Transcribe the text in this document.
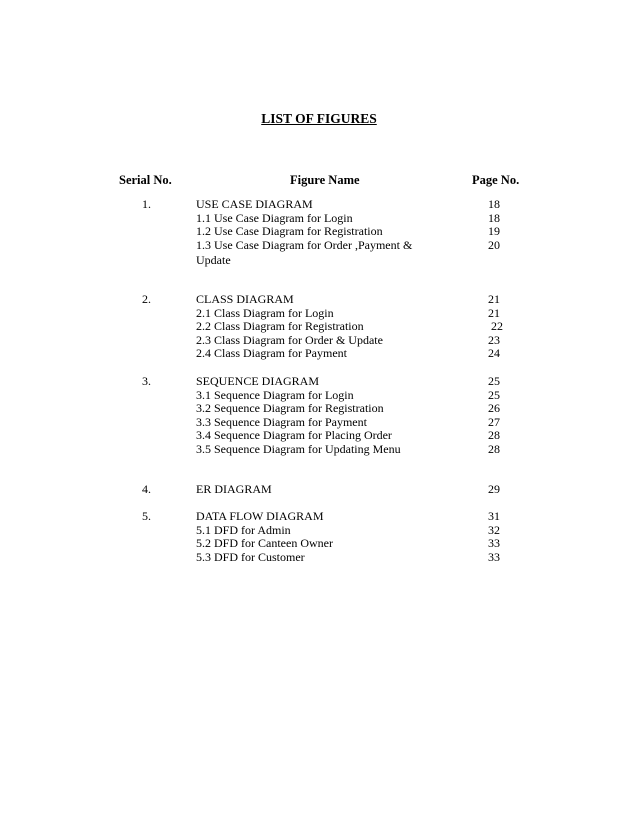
LIST OF FIGURES
Serial No.	Figure Name	Page No.
1.	USE CASE DIAGRAM	18
1.1 Use Case Diagram for Login	18
1.2 Use Case Diagram for Registration	19
1.3 Use Case Diagram for Order ,Payment &	20
Update
2.	CLASS DIAGRAM	21
2.1 Class Diagram for Login	21
2.2 Class Diagram for Registration	22
2.3 Class Diagram for Order & Update	23
2.4 Class Diagram for Payment	24
3.	SEQUENCE DIAGRAM	25
3.1 Sequence Diagram for Login	25
3.2 Sequence Diagram for Registration	26
3.3 Sequence Diagram for Payment	27
3.4 Sequence Diagram for Placing Order	28
3.5 Sequence Diagram for Updating Menu	28
4.	ER DIAGRAM	29
5.	DATA FLOW DIAGRAM	31
5.1 DFD for Admin	32
5.2 DFD for Canteen Owner	33
5.3 DFD for Customer	33
